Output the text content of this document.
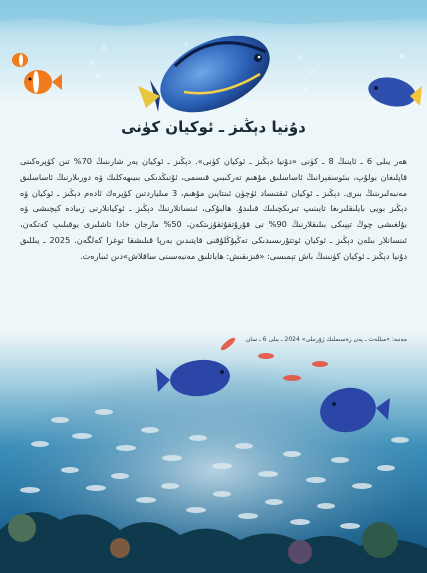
دۇنيا دېڭىز ـ ئوكيان كۈنى

ھەر يىلى 6 ـ ئاينىڭ 8 ـ كۈنى «دۇنيا دېڭىز ـ ئوكيان كۈنى». دېڭىز ـ ئوكيان يەر شارىنىڭ 70% تىن كۆپرەكىنى قاپلىغان بولۇپ، بىئوسفېرانىڭ ئاساسلىق مۇھىم تەركىبىي قىسمى، ئۇنىڭدىكى بىيىھەكلىك ۋە دورىلارنىڭ ئاساسلىق مەنبەلىرىنىڭ بىرى. دېڭىز ـ ئوكيان ئىقتىساد ئۈچۈن ئىنتايىن مۇھىم، 3 مىلياردتىن كۆپرەك ئادەم دېڭىز ـ ئوكيان ۋە دېڭىز بويى بايلىقلىرىغا تايىنىپ تىرىكچىلىك قىلىدۇ. ھالبۇكى، ئىنسانلارنىڭ دېڭىز ـ ئوكيانلارنى زىيادە كېچىشى ۋە بۇلغىشى چوڭ تېپىكى بىلىقلارنىڭ 90% نى قۇرۇتقۇتقۇزىتكەن، 50% مارجان خادا تاشلىرى يوقىلىپ كەتكەن، ئىنسانلار بىلەن دېڭىز ـ ئوكيان ئوتتۇرىسىدىكى تەڭپۇڭلۇقنى قايتىدىن بەرپا قىلىشقا توغرا كەلگەن. 2025 ـ يىللىق دۇنيا دېڭىز ـ ئوكيان كۈنىنىڭ باش تېمىسى: «قىزىقىش: ھاياتلىق مەنبەسىنى ساقلاش»دىن ئىبارەت.

مەنبە: «مىللەت ـ پەن رەسىملىك ژۇرنىلى» 2024 ـ يىلى 6 ـ سان
